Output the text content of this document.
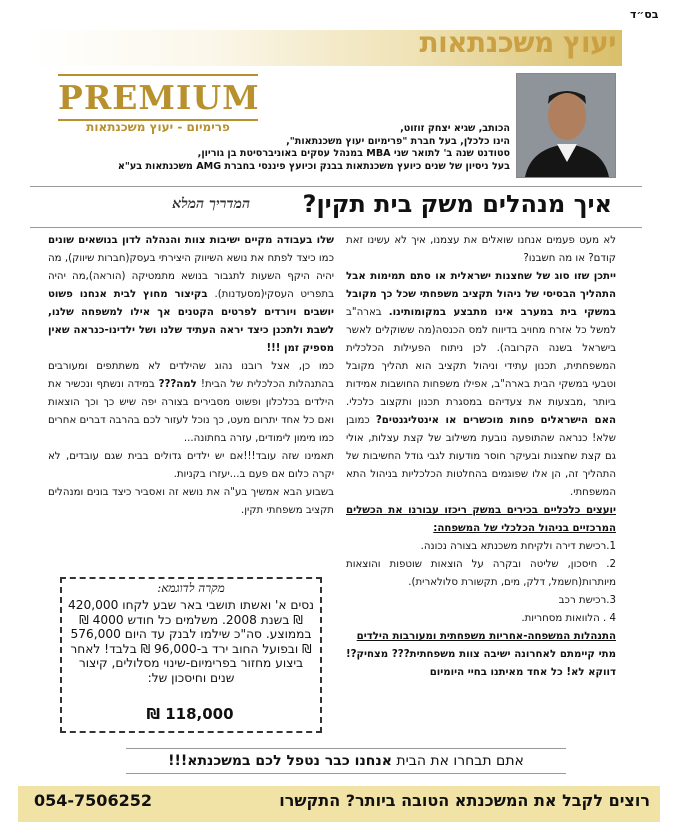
בס״ד
יעוץ משכנתאות
PREMIUM
פרימיום - יעוץ משכנתאות	הכותב, שגיא יצחק זוזוט,
הינו כלכלן, בעל חברת "פרימיום יעוץ משכנתאות",
סטודנט שנה ב' לתואר שני MBA במנהל עסקים באוניברסיטת בן גוריון,
בעל ניסיון של שנים כיועץ משכנתאות בבנק וכיועץ פיננסי בחברת AMG משכנתאות בע"א
איך מנהלים משק בית תקין?
המדריך המלא

לא מעט פעמים אנחנו שואלים את עצמנו, איך לא עשינו זאת קודם? או מה חשבנו?

ייתכן שזו סוג של שחצנות ישראלית או סתם תמימות אבל התהליך הבסיסי של ניהול תקציב משפחתי שכל כך מקובל במשקי בית במערב אינו מתבצע במקומותינו. בארה"ב למשל כל אזרח מחויב בדיווח למס הכנסה(מה ששוקלים לאשר בישראל בשנה הקרובה). לכן ניתוח הפעילות הכלכלית המשפחתית, תכנון עתידי וניהול תקציב הוא תהליך מקובל וטבעי במשקי הבית בארה"ב, אפילו משפחות החושבות אמידות ביותר ,מבצעות את צעדיהם במסגרת תכנון ותקצוב כלכלי. האם הישראלים פחות מוכשרים או אינטליגנטים? כמובן שלא! כנראה שהתופעה נובעת משילוב של קצת עצלות, אולי גם קצת שחצנות ובעיקר חוסר מודעות לגבי גודל החשיבות של התהליך זה, הן אלו שפוגמים בהחלטות הכלכליות בניהול התא המשפחתי.

יועצים כלכליים בכירים במשק ריכזו עבורנו את הכשלים המרכזיים בניהול הכלכלי של המשפחה:

1.רכישת דירה ולקיחת משכנתא בצורה נכונה.

2. חיסכון, שליטה ובקרה על הוצאות שוטפות והוצאות מיותרות(חשמל, דלק, מים, תקשורת סלולארית).

3.רכישת רכב

4 . הלוואות מסחריות.

התנהלות המשפחה-אחריות משפחתית ומעורבות הילדים

מתי קיימתם לאחרונה ישיבה צוות משפחתית??? מצחיק?! דווקא לא! כל אחד מאיתנו בחיי היומיום

שלו בעבודה מקיים ישיבות צוות והנהלה לדון בנושאים שונים כמו כיצד לפתח את נושא השיווק היצירתי בעסק(חברות שיווק), מה יהיה היקף השעות לתגבור בנושא מתמטיקה (הוראה),מה יהיה בתפריט העסקי(מסעדנות). בקיצור מחוץ לבית אנחנו פשוט יושבים ויורדים לפרטים הקטנים אך אילו למשפחה שלנו, לשבת ולתכנן כיצד יראה העתיד שלנו ושל ילדינו-כנראה שאין מספיק זמן !!!

כמו כן, אצל רובנו נהוג שהילדים לא משתתפים ומעורבים בהתנהלות הכלכלית של הבית! למה??? במידה ונשתף ונכשיר את הילדים בכלכלון ופשוט מסבירים בצורה יפה שיש כך וכך הוצאות ואם כל אחד יתרום מעט, כך נוכל לעזור לכם בהרבה דברים אחרים כמו מימון לימודים, עזרה בחתונה...

תאמינו שזה עובד!!!אם יש ילדים גדולים בבית שגם עובדים, לא יקרה כלום אם פעם ב...יעזרו בקניות.

בשבוע הבא אמשיך בע"ה את נושא זה ואסביר כיצד בונים ומנהלים תקציב משפחתי תקין.

מקרה לדוגמא:
נסים א' ואשתו תושבי באר שבע לקחו 420,000 ₪ בשנת 2008. משלמים כל חודש 4000 ₪ בממוצע. סה"כ שילמו לבנק עד היום 576,000 ₪ ובפועל החוב ירד ב-96,000 ₪ בלבד! לאחר ביצוע מחזור בפרימיום-שינוי מסלולים, קיצור שנים וחיסכון של:
118,000 ₪
אתם תבחרו את הבית אנחנו כבר נטפל לכם במשכנתא!!!
רוצים לקבל את המשכנתא הטובה ביותר? התקשרו
054-7506252
